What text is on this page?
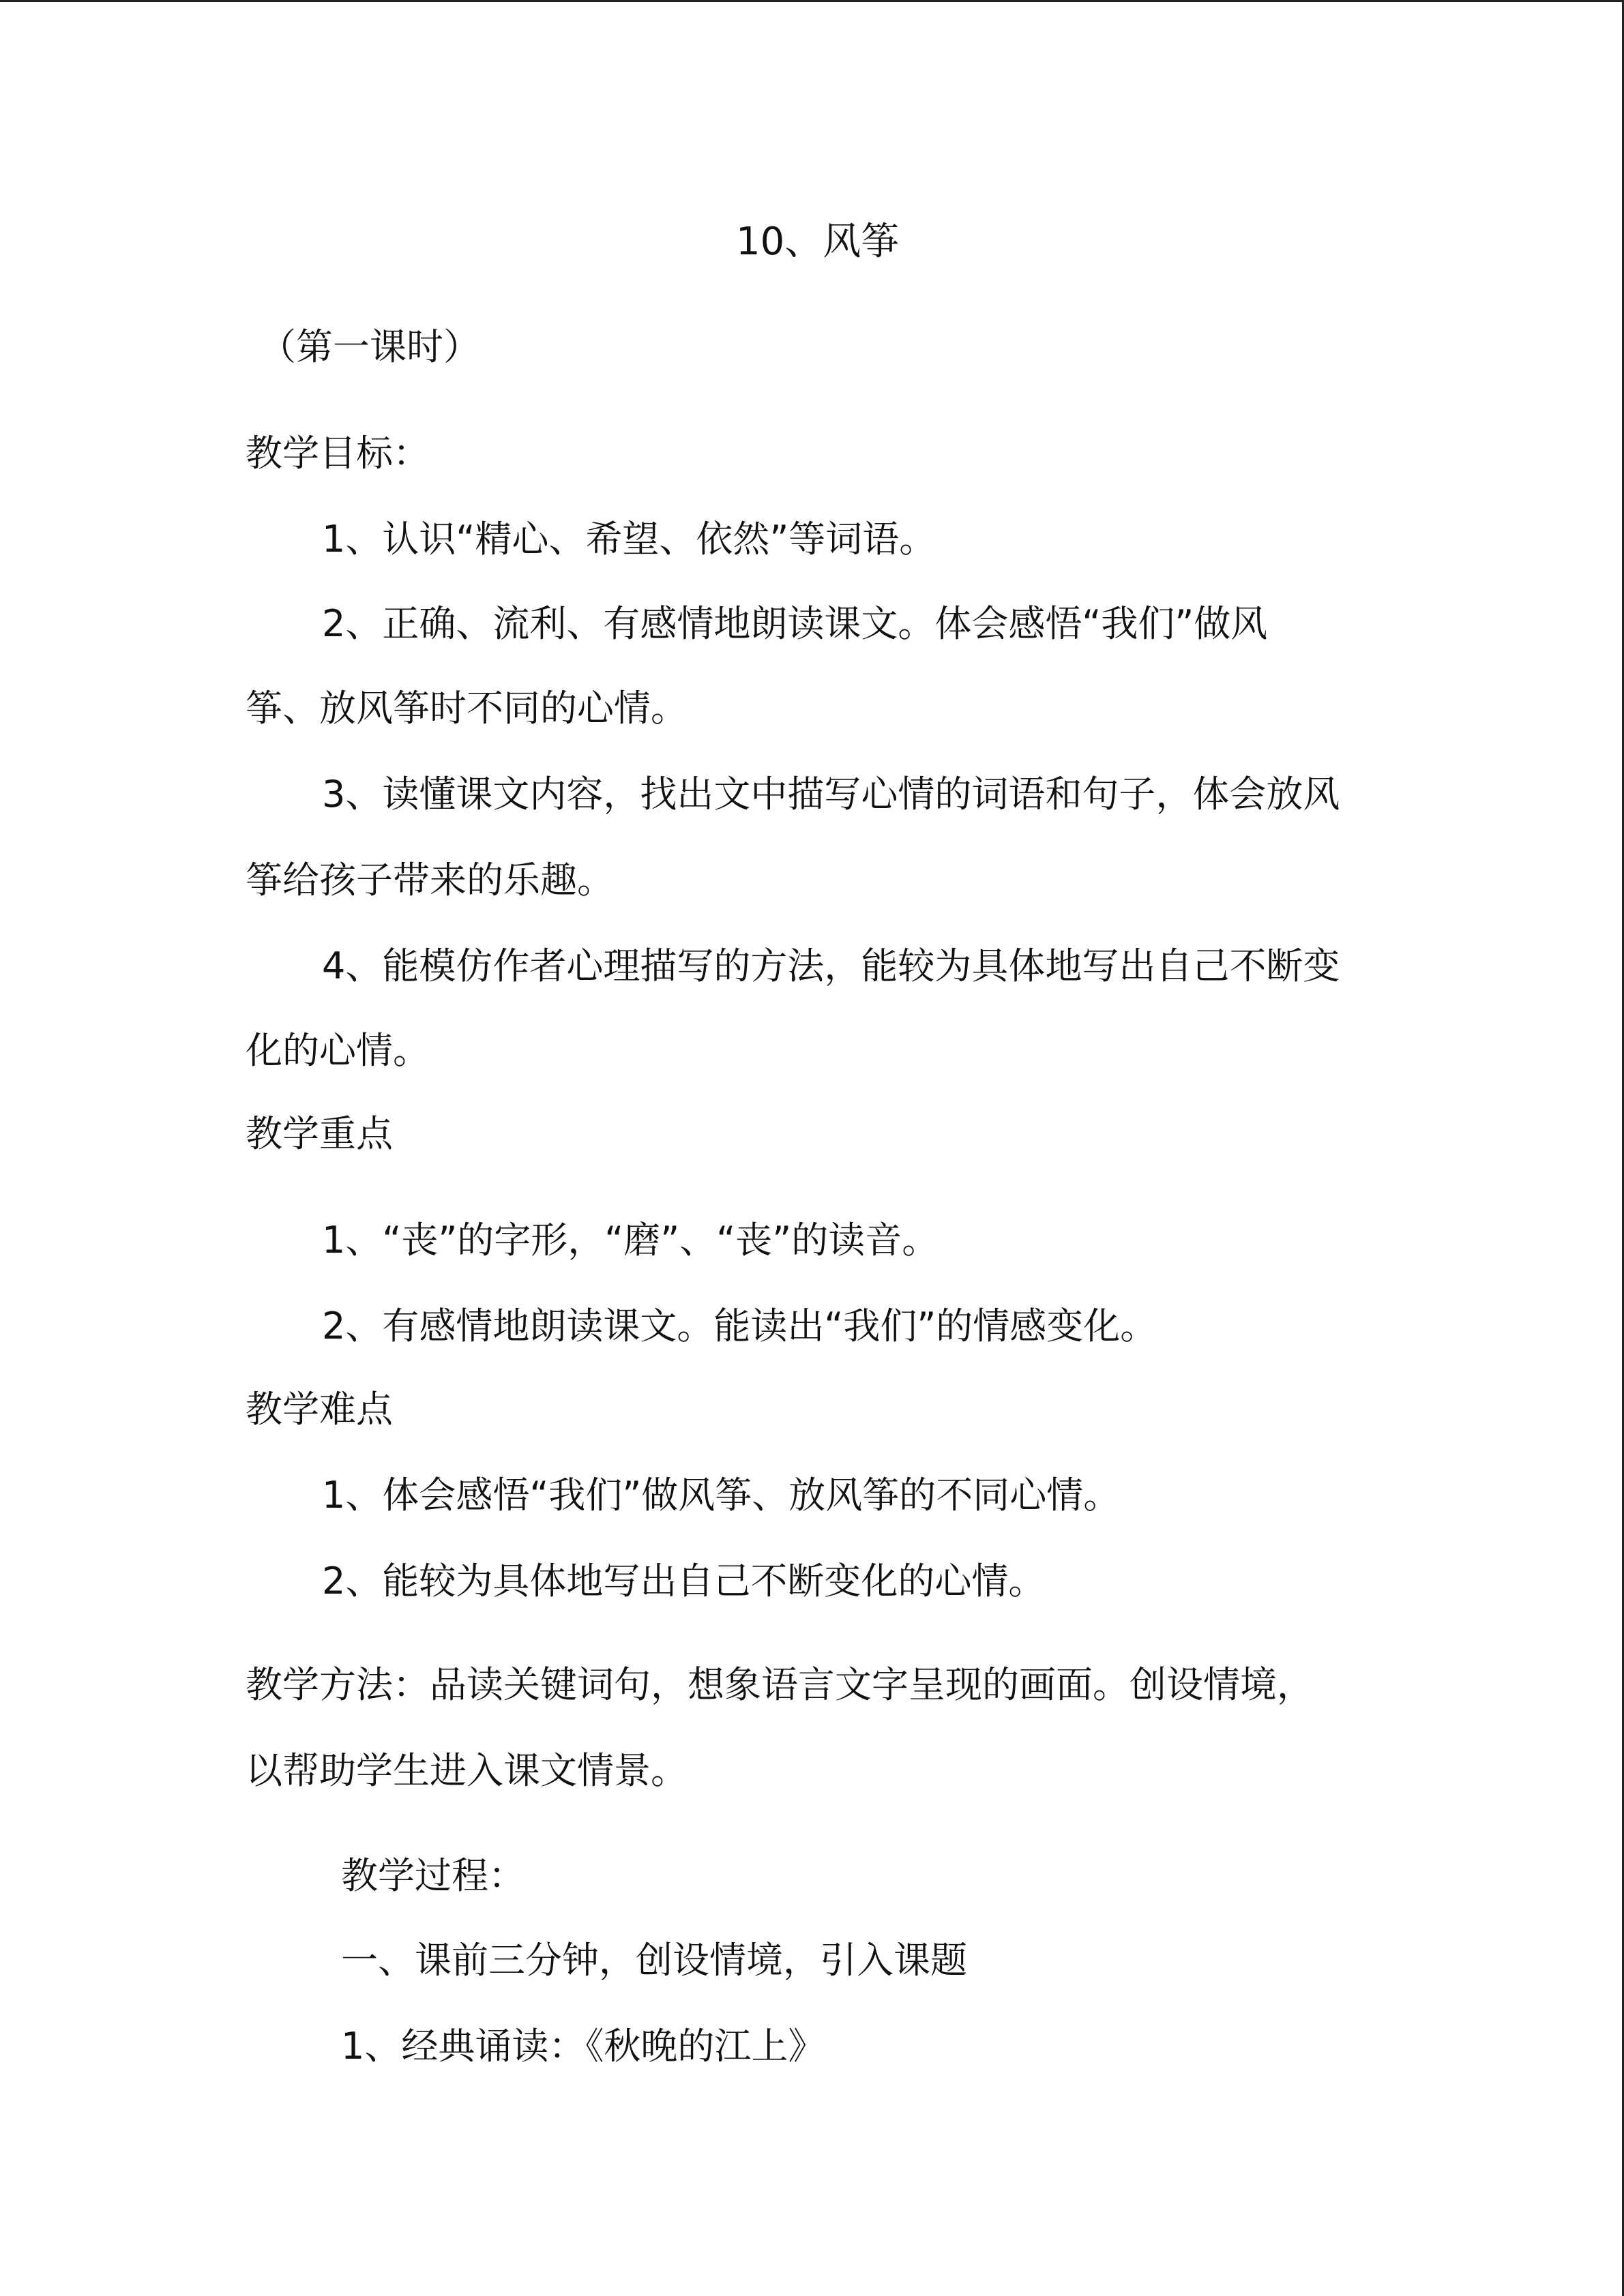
10、风筝
（第一课时）
教学目标：
1、认识“精心、希望、依然”等词语。
2、正确、流利、有感情地朗读课文。体会感悟“我们”做风
筝、放风筝时不同的心情。
3、读懂课文内容，找出文中描写心情的词语和句子，体会放风
筝给孩子带来的乐趣。
4、能模仿作者心理描写的方法，能较为具体地写出自己不断变
化的心情。
教学重点
1、“丧”的字形，“磨”、“丧”的读音。
2、有感情地朗读课文。能读出“我们”的情感变化。
教学难点
1、体会感悟“我们”做风筝、放风筝的不同心情。
2、能较为具体地写出自己不断变化的心情。
教学方法：品读关键词句，想象语言文字呈现的画面。创设情境，
以帮助学生进入课文情景。
教学过程：
一、课前三分钟，创设情境，引入课题
1、经典诵读：《秋晚的江上》
